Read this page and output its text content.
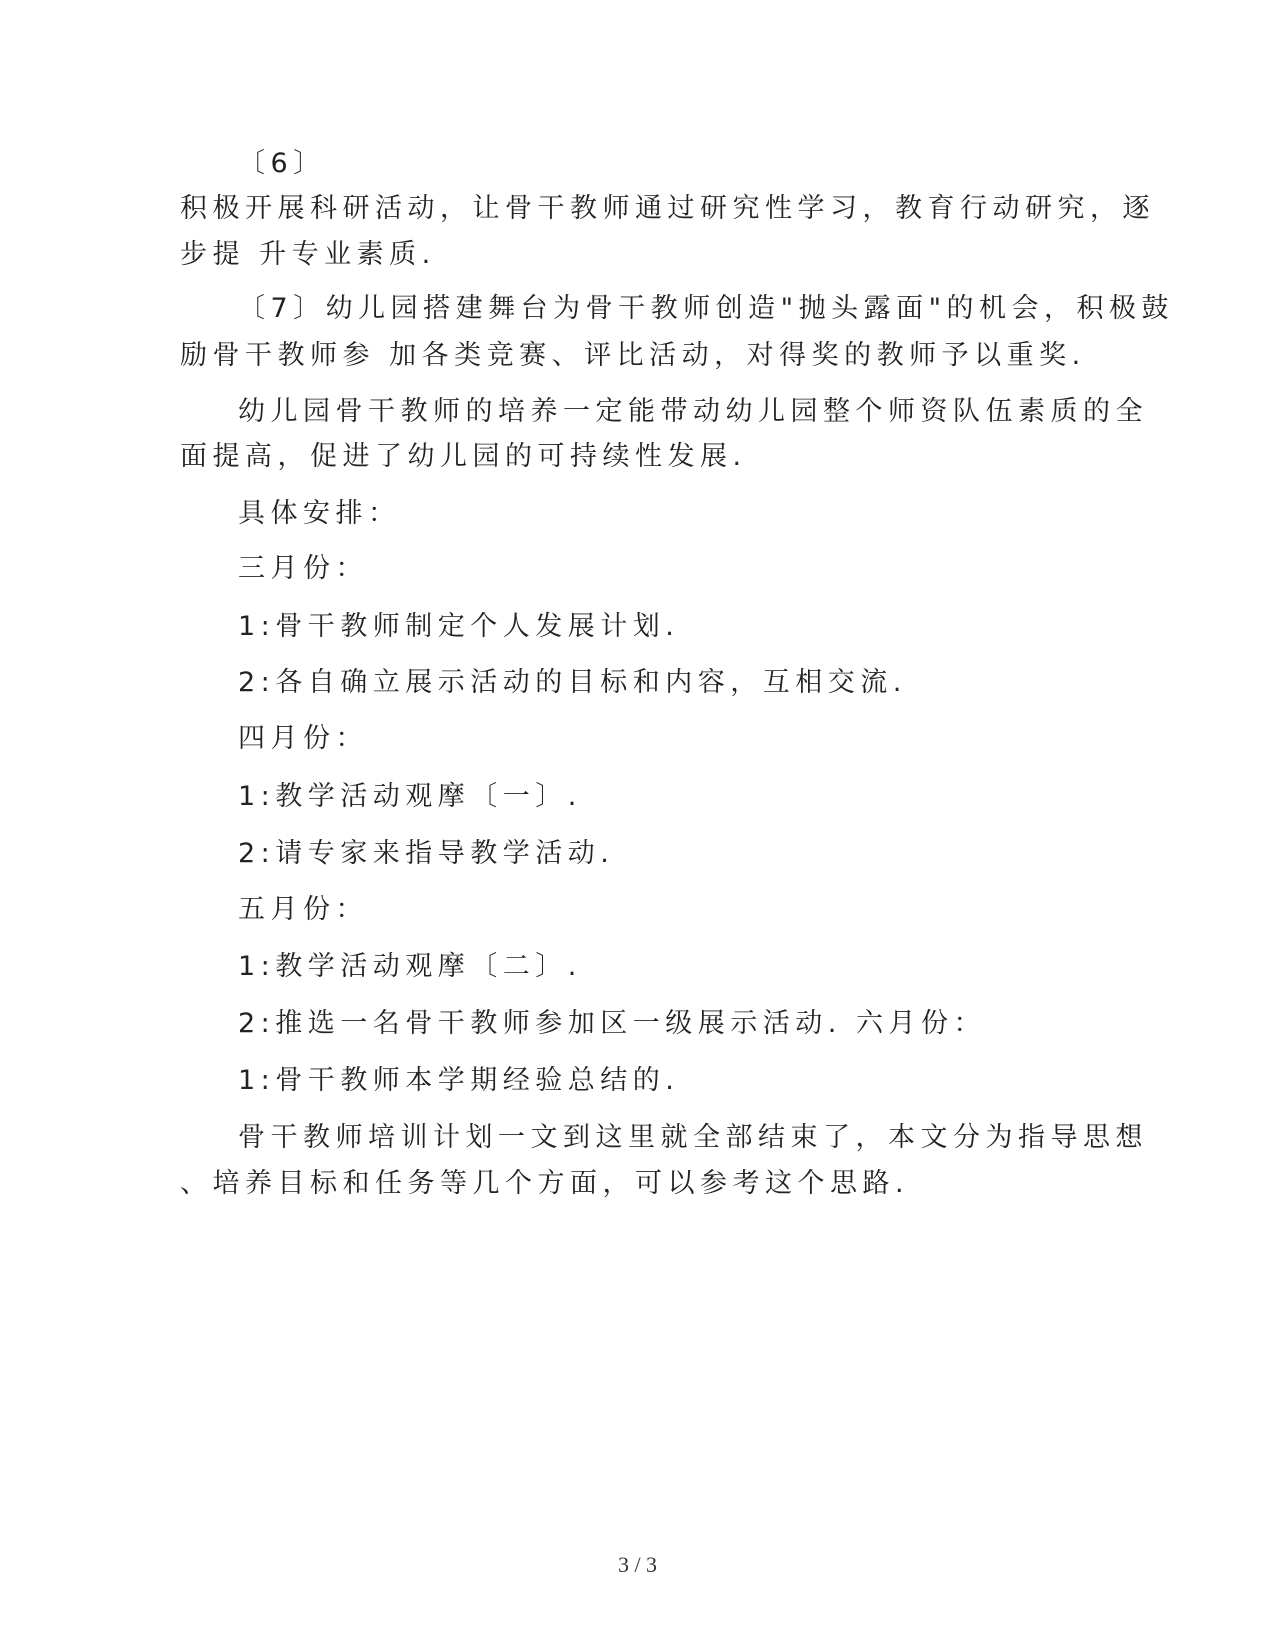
〔6〕

积极开展科研活动，让骨干教师通过研究性学习，教育行动研究，逐

步提 升专业素质.

〔7〕幼儿园搭建舞台为骨干教师创造"抛头露面"的机会，积极鼓

励骨干教师参 加各类竞赛、评比活动，对得奖的教师予以重奖.

幼儿园骨干教师的培养一定能带动幼儿园整个师资队伍素质的全

面提高，促进了幼儿园的可持续性发展.

具体安排：

三月份：

1:骨干教师制定个人发展计划.

2:各自确立展示活动的目标和内容，互相交流.

四月份：

1:教学活动观摩〔一〕.

2:请专家来指导教学活动.

五月份：

1:教学活动观摩〔二〕.

2:推选一名骨干教师参加区一级展示活动. 六月份：

1:骨干教师本学期经验总结的.

骨干教师培训计划一文到这里就全部结束了，本文分为指导思想

、培养目标和任务等几个方面，可以参考这个思路.

3 / 3
